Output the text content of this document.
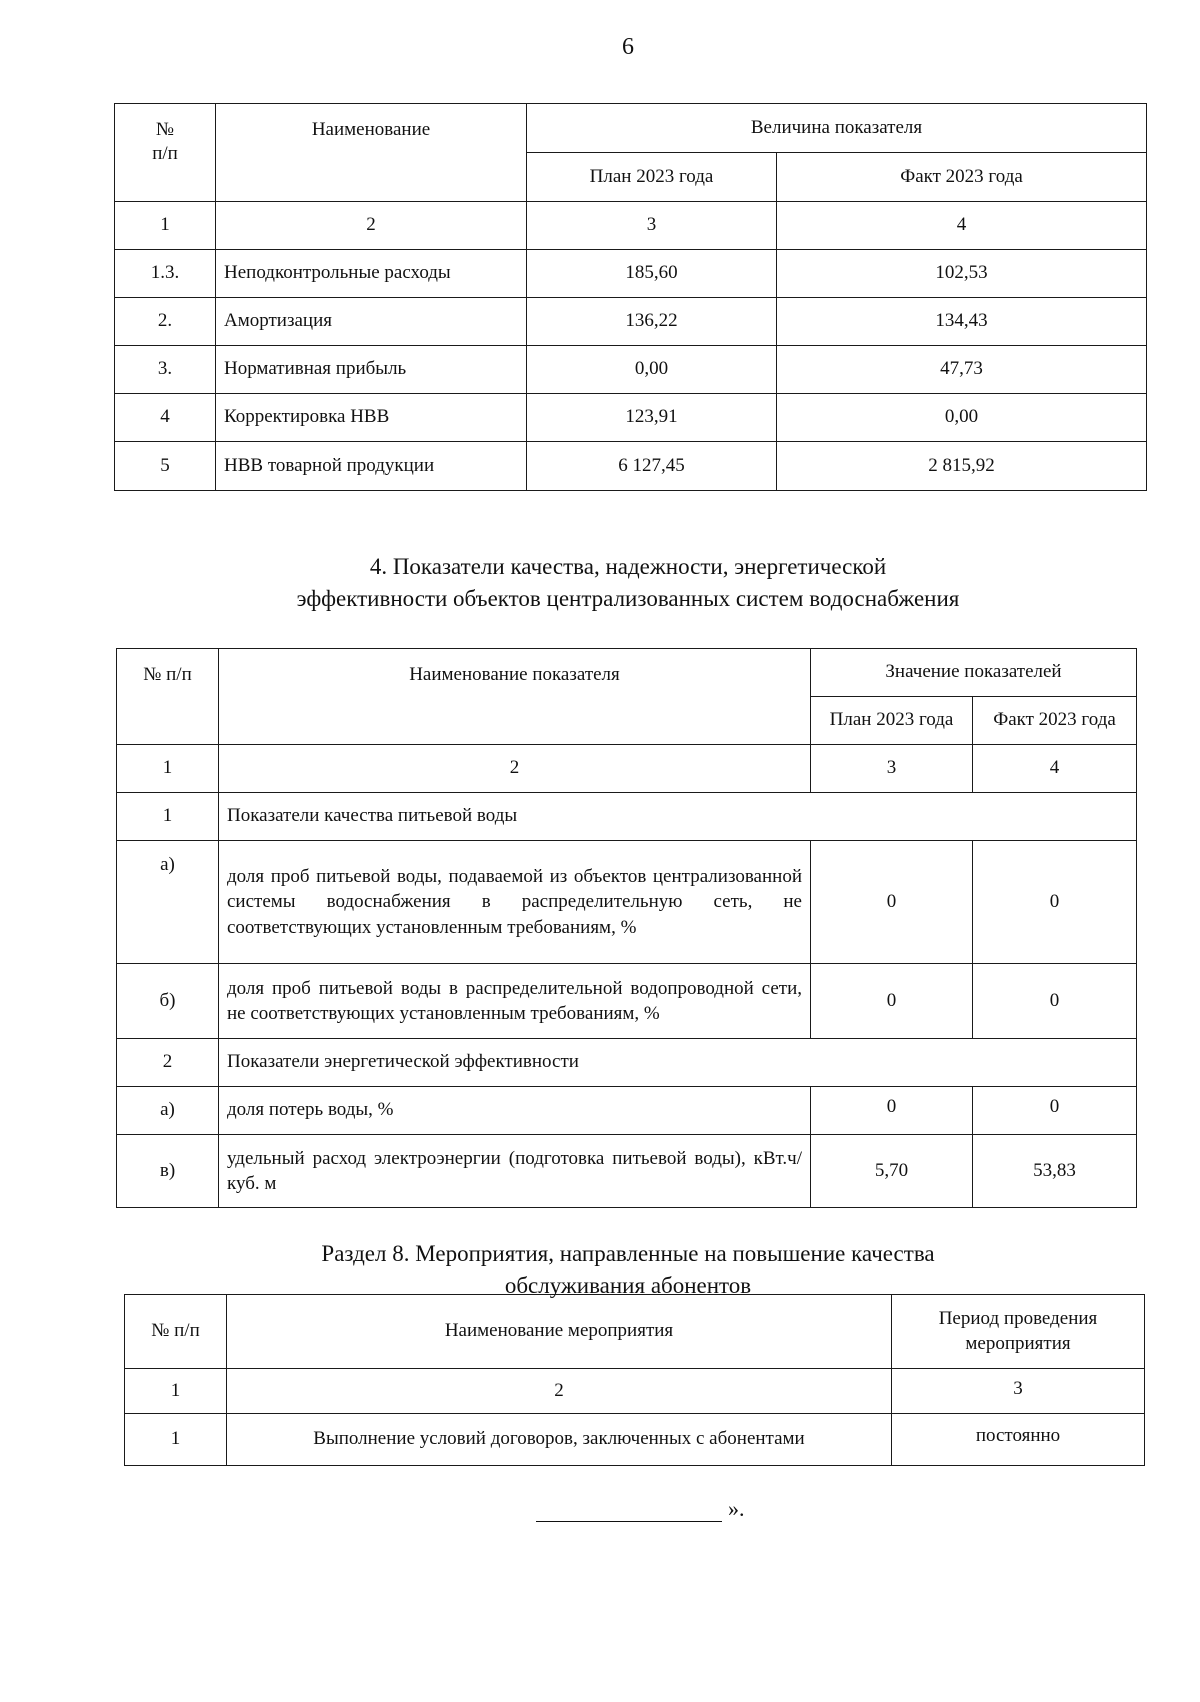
6
№
п/п	Наименование	Величина показателя	
		План 2023 года	Факт 2023 года
1	2	3	4
1.3.	Неподконтрольные расходы	185,60	102,53
2.	Амортизация	136,22	134,43
3.	Нормативная прибыль	0,00	47,73
4	Корректировка НВВ	123,91	0,00
5	НВВ товарной продукции	6 127,45	2 815,92
4. Показатели качества, надежности, энергетической
эффективности объектов централизованных систем водоснабжения
№ п/п	Наименование показателя	Значение показателей	
		План 2023 года	Факт 2023 года
1	2	3	4
1	Показатели качества питьевой воды		
а)	доля проб питьевой воды, подаваемой из объектов централизованной системы водоснабжения в распределительную сеть, не соответствующих установленным требованиям, %	0	0
б)	доля проб питьевой воды в распределительной водопроводной сети, не соответствующих установленным требованиям, %	0	0
2	Показатели энергетической эффективности		
а)	доля потерь воды, %	0	0
в)	удельный расход электроэнергии (подготовка питьевой воды), кВт.ч/куб. м	5,70	53,83
Раздел 8. Мероприятия, направленные на повышение качества
обслуживания абонентов
№ п/п	Наименование мероприятия	Период проведения
мероприятия
1	2	3
1	Выполнение условий договоров, заключенных с абонентами	постоянно
».
